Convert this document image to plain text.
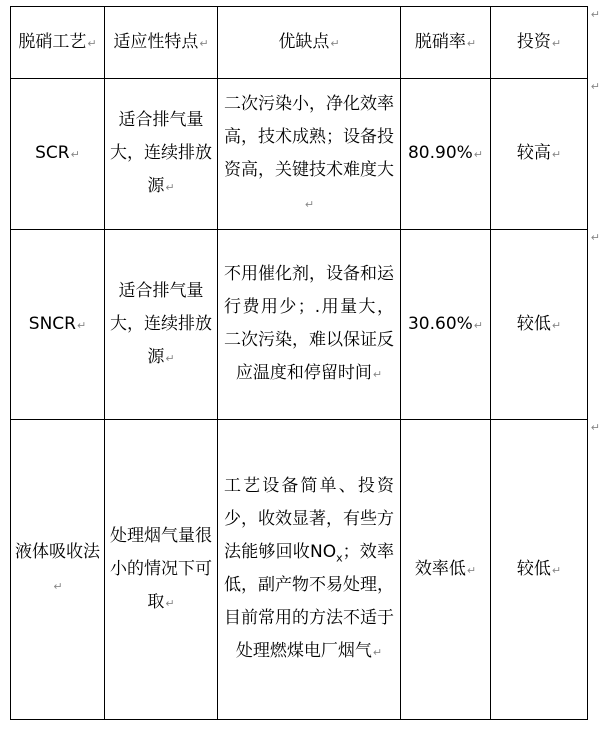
脱硝工艺↵	适应性特点↵	优缺点↵	脱硝率↵	投资↵
↵

SCR↵	适合排气量大，连续排放源↵	二次污染小，净化效率高，技术成熟；设备投资高，关键技术难度大↵	80.90%↵	较高↵
↵

SNCR↵	适合排气量大，连续排放源↵	不用催化剂，设备和运行费用少；.用量大，二次污染，难以保证反应温度和停留时间↵	30.60%↵	较低↵
↵

液体吸收法↵	处理烟气量很小的情况下可取↵	工艺设备简单、投资少，收效显著，有些方法能够回收$NO_x$；效率低，副产物不易处理，目前常用的方法不适于处理燃煤电厂烟气↵	效率低↵	较低↵
↵
